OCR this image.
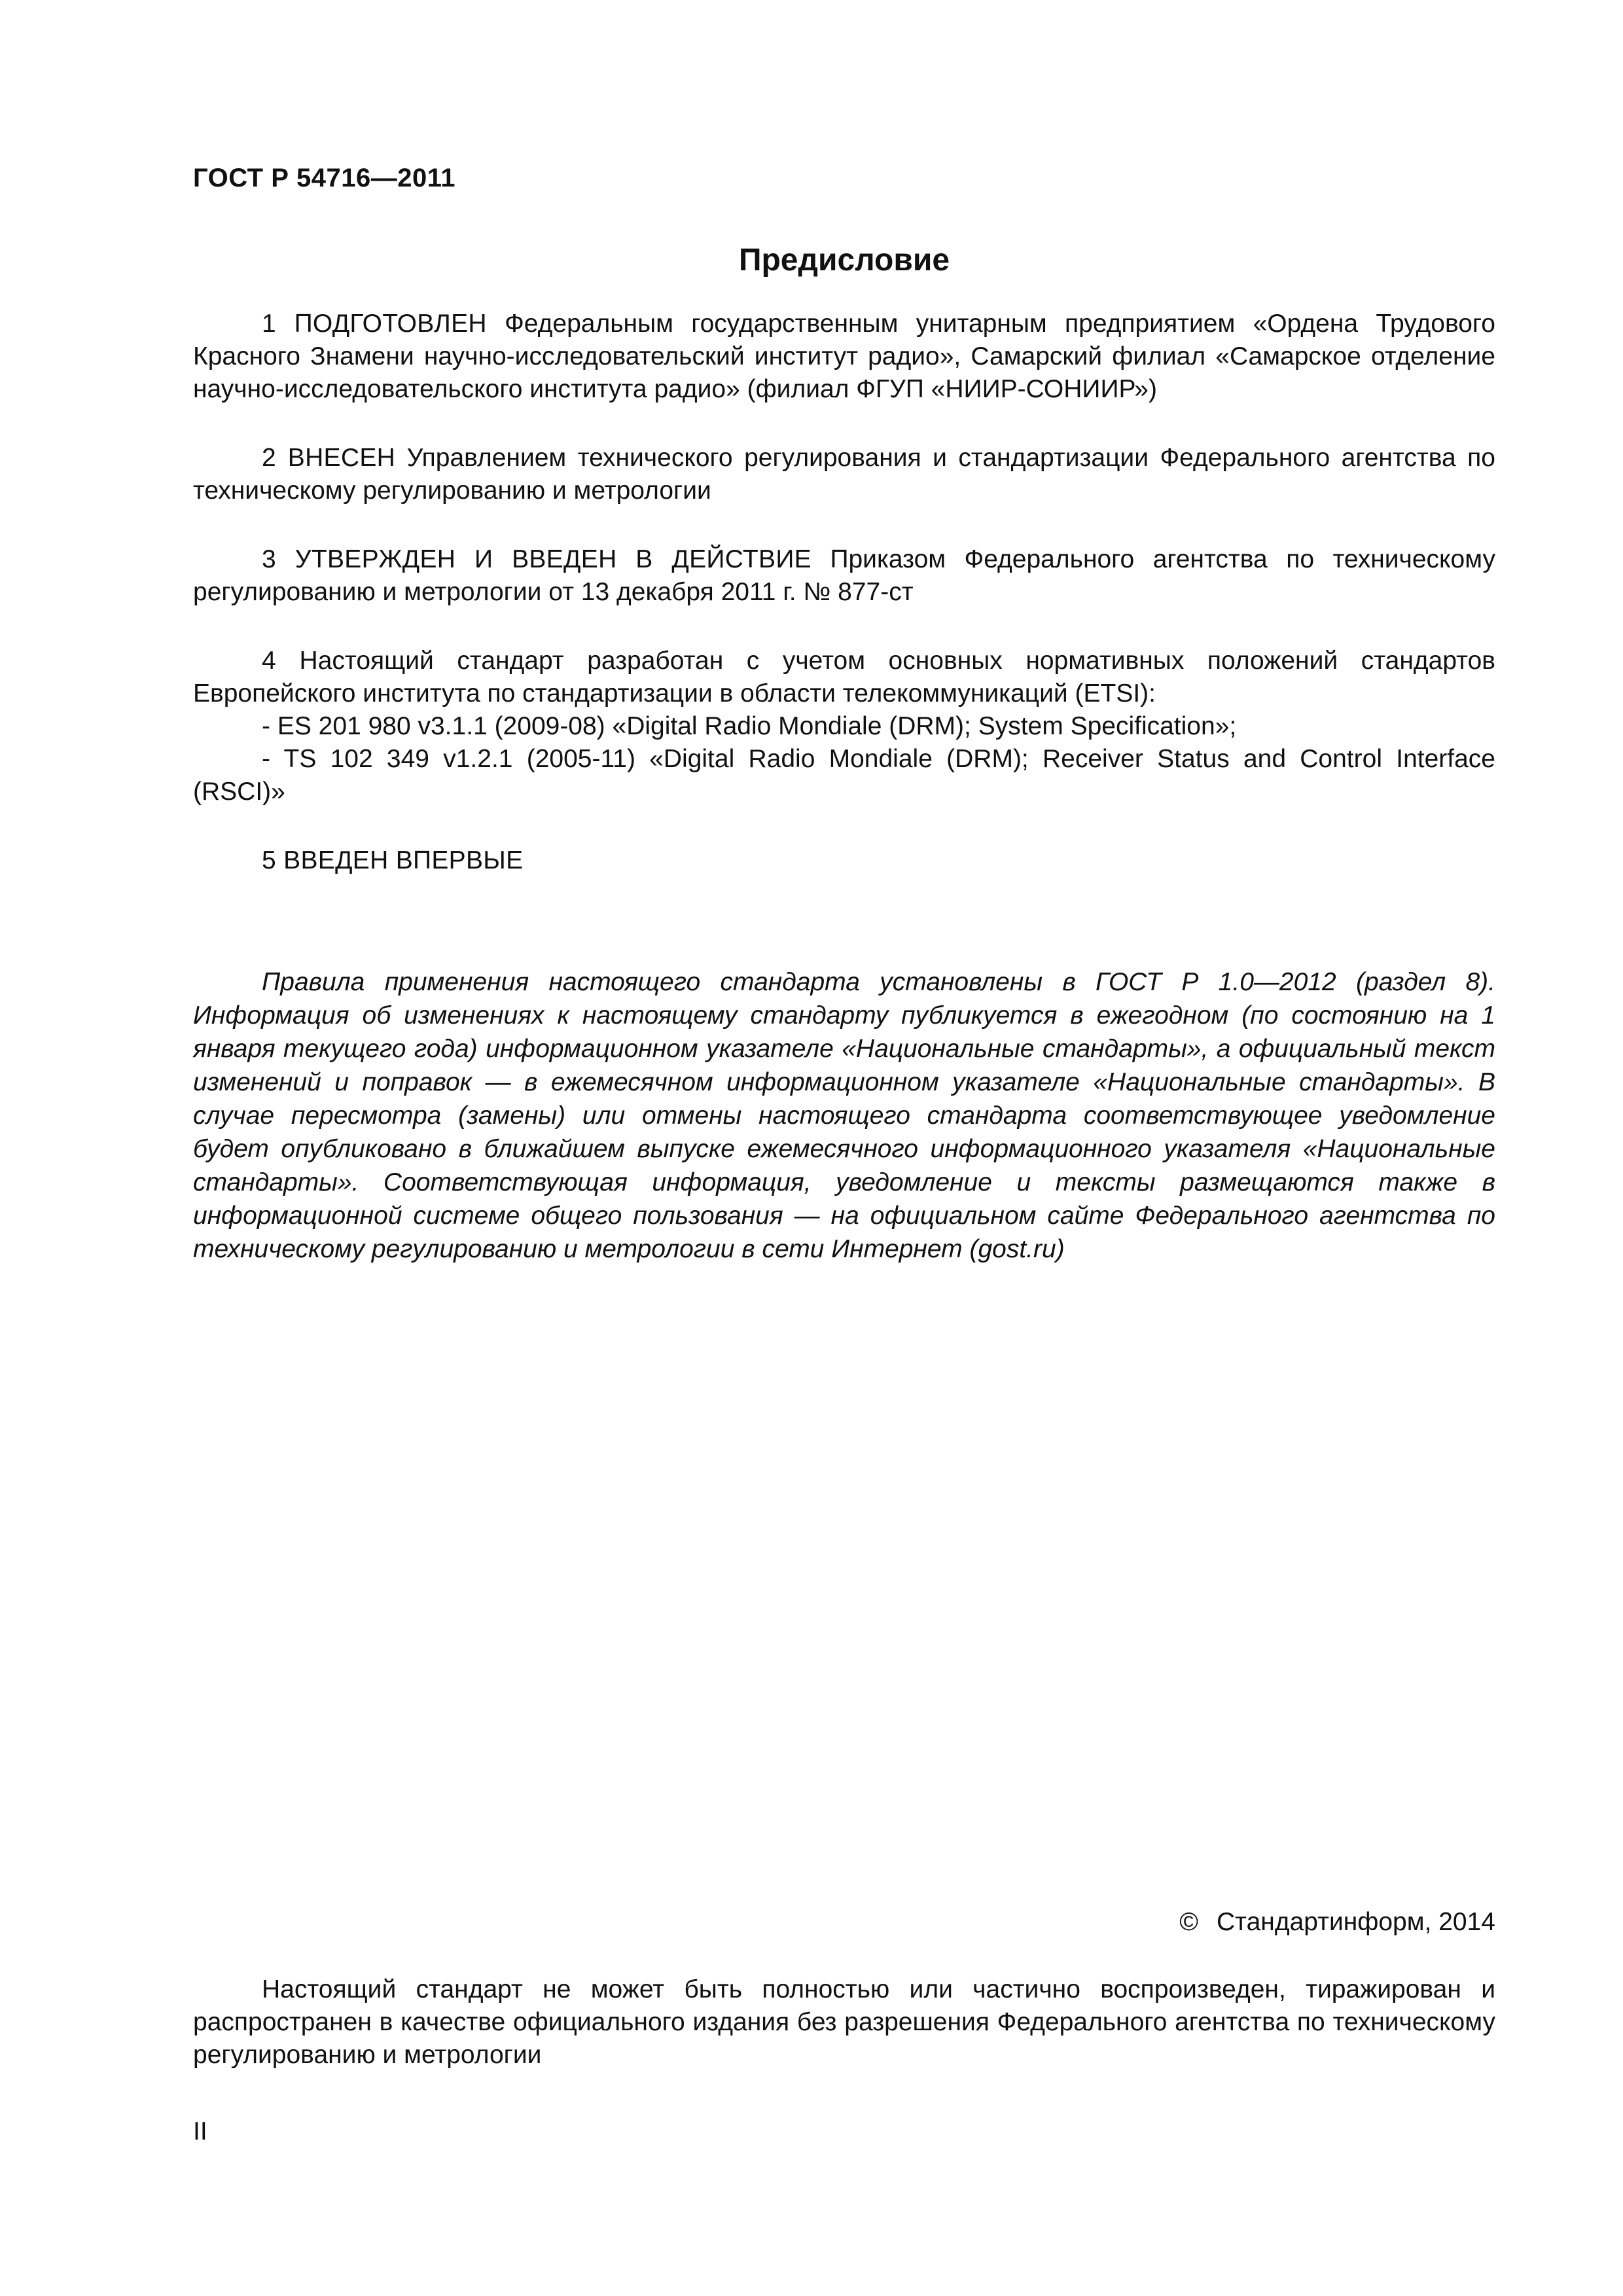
ГОСТ Р 54716—2011
Предисловие

1 ПОДГОТОВЛЕН Федеральным государственным унитарным предприятием «Ордена Трудового Красного Знамени научно-исследовательский институт радио», Самарский филиал «Самарское отделение научно-исследовательского института радио» (филиал ФГУП «НИИР-СОНИИР»)

2 ВНЕСЕН Управлением технического регулирования и стандартизации Федерального агентства по техническому регулированию и метрологии

3 УТВЕРЖДЕН И ВВЕДЕН В ДЕЙСТВИЕ Приказом Федерального агентства по техническому регулированию и метрологии от 13 декабря 2011 г. № 877-ст

4 Настоящий стандарт разработан с учетом основных нормативных положений стандартов Европейского института по стандартизации в области телекоммуникаций (ETSI):

- ES 201 980 v3.1.1 (2009-08) «Digital Radio Mondiale (DRM); System Specification»;

- TS 102 349 v1.2.1 (2005-11) «Digital Radio Mondiale (DRM); Receiver Status and Control Interface (RSCI)»

5 ВВЕДЕН ВПЕРВЫЕ

Правила применения настоящего стандарта установлены в ГОСТ Р 1.0—2012 (раздел 8). Информация об изменениях к настоящему стандарту публикуется в ежегодном (по состоянию на 1 января текущего года) информационном указателе «Национальные стандарты», а официальный текст изменений и поправок — в ежемесячном информационном указателе «Национальные стандарты». В случае пересмотра (замены) или отмены настоящего стандарта соответствующее уведомление будет опубликовано в ближайшем выпуске ежемесячного информационного указателя «Национальные стандарты». Соответствующая информация, уведомление и тексты размещаются также в информационной системе общего пользования — на официальном сайте Федерального агентства по техническому регулированию и метрологии в сети Интернет (gost.ru)

© Стандартинформ, 2014

Настоящий стандарт не может быть полностью или частично воспроизведен, тиражирован и распространен в качестве официального издания без разрешения Федерального агентства по техническому регулированию и метрологии

II
